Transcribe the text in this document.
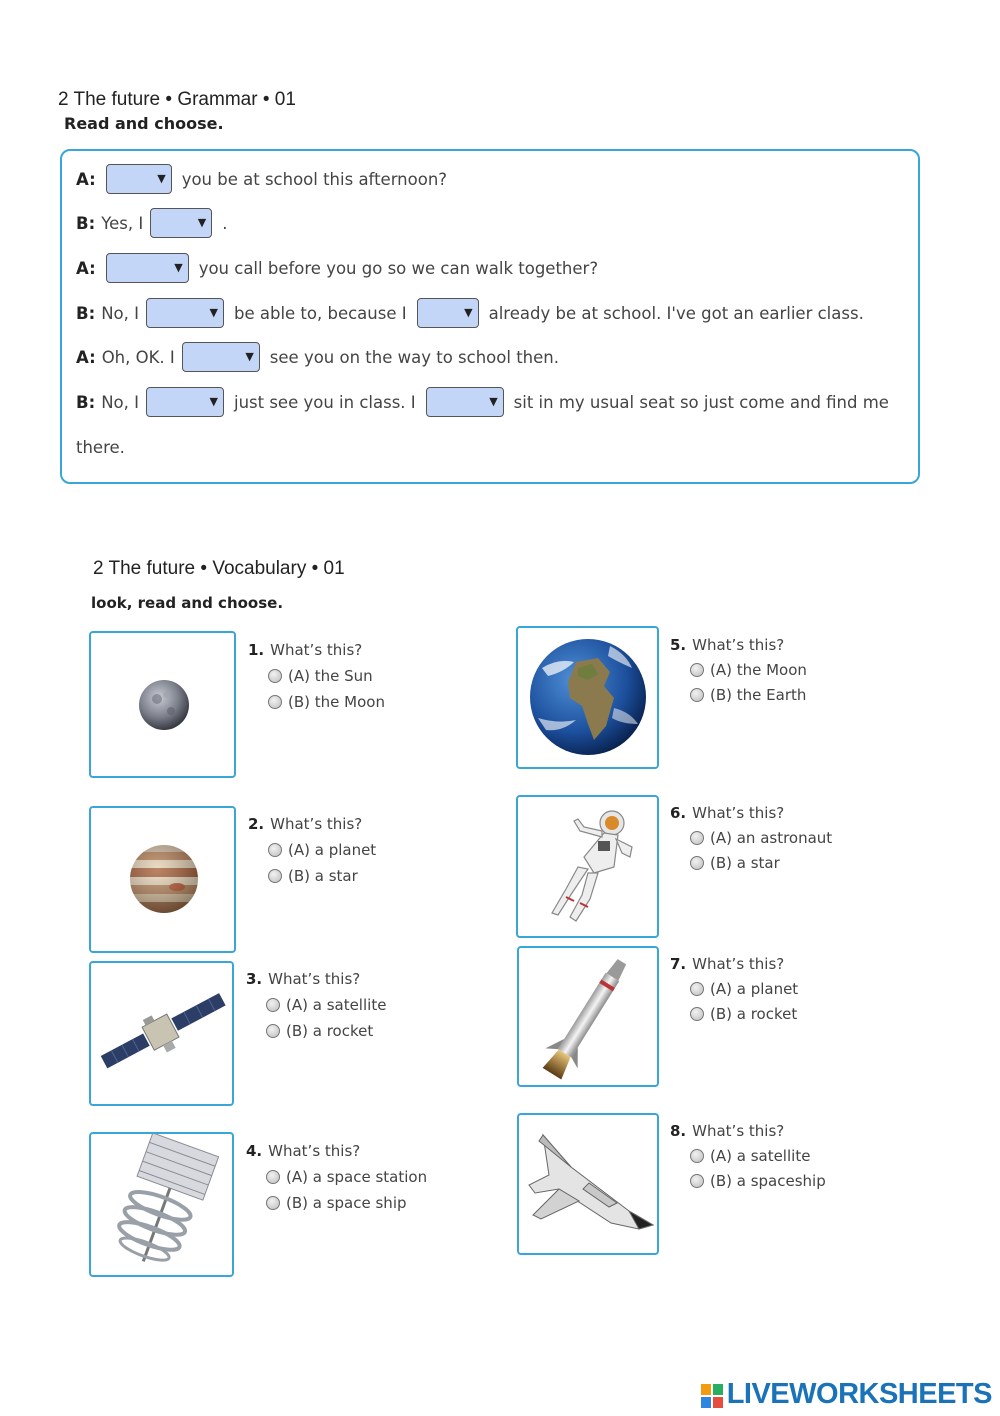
2 The future • Grammar • 01
Read and choose.
A:	▼ you be at school this afternoon?
B: Yes, I	▼ .
A:	▼ you call before you go so we can walk together?
B: No, I	▼ be able to, because I	▼ already be at school. I've got an earlier class.
A: Oh, OK. I	▼ see you on the way to school then.
B: No, I	▼ just see you in class. I	▼ sit in my usual seat so just come and find me
there.
2 The future • Vocabulary • 01
look, read and choose.
1. What’s this?
(A) the Sun
(B) the Moon
2. What’s this?
(A) a planet
(B) a star
3. What’s this?
(A) a satellite
(B) a rocket
4. What’s this?
(A) a space station
(B) a space ship
5. What’s this?
(A) the Moon
(B) the Earth
6. What’s this?
(A) an astronaut
(B) a star
7. What’s this?
(A) a planet
(B) a rocket
8. What’s this?
(A) a satellite
(B) a spaceship
LIVEWORKSHEETS
